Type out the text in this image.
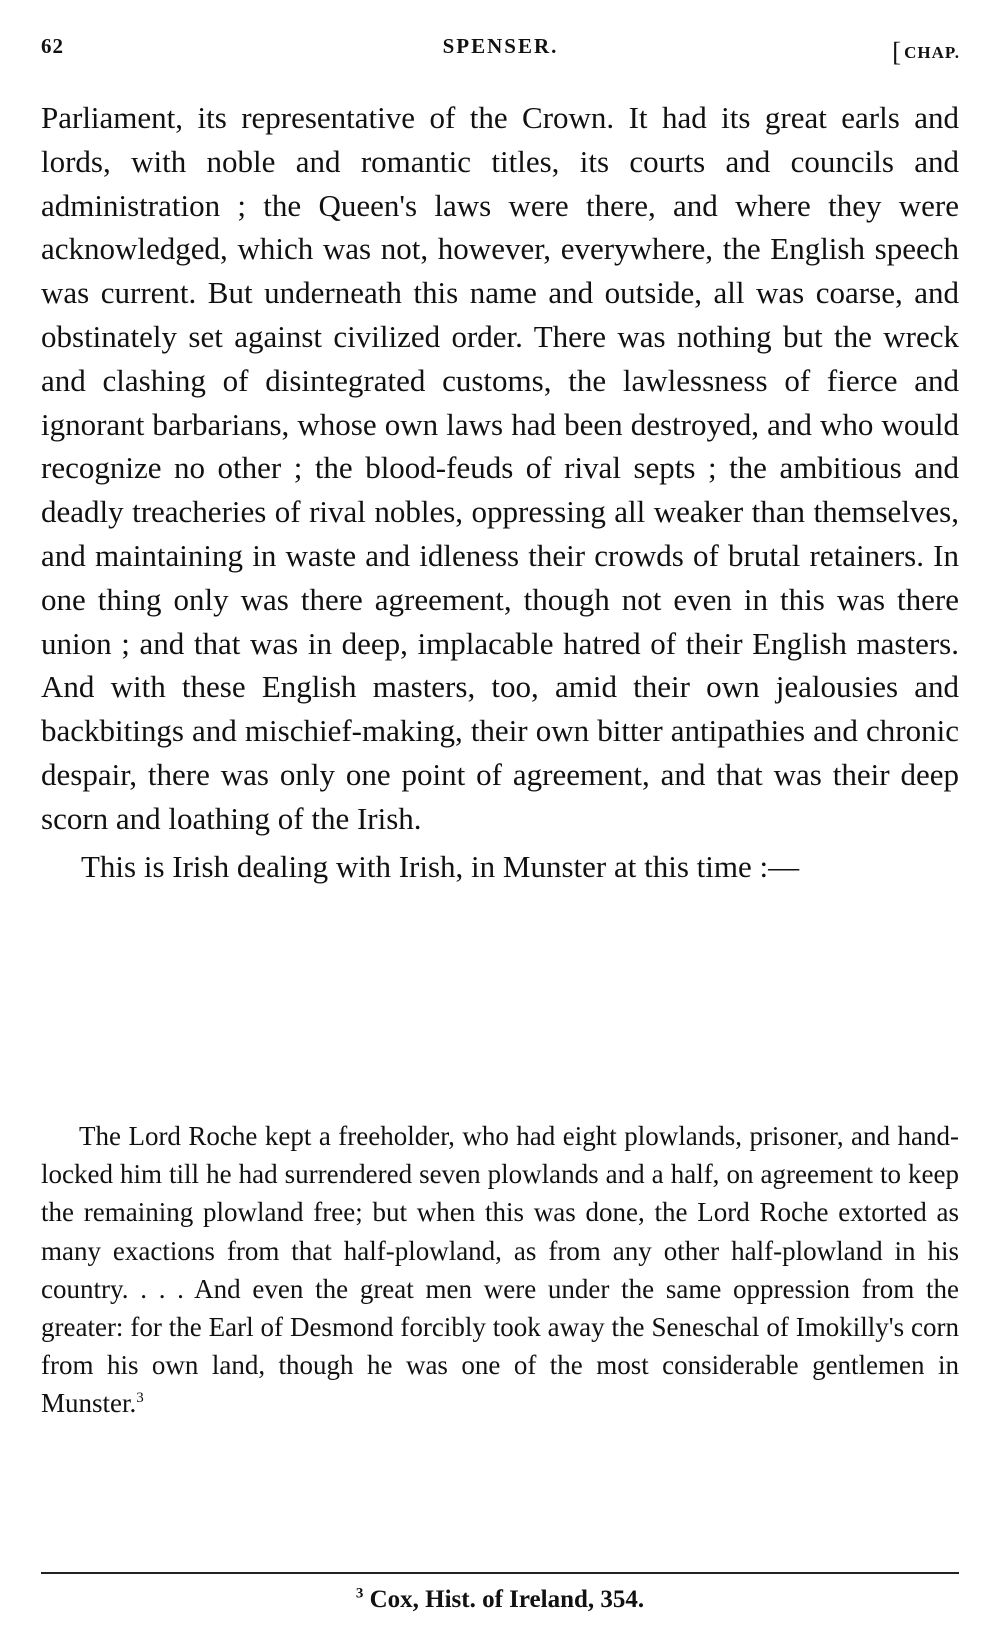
62	SPENSER.	[ CHAP.

Parliament, its representative of the Crown. It had its great earls and lords, with noble and romantic titles, its courts and councils and administration ; the Queen's laws were there, and where they were acknowledged, which was not, however, everywhere, the English speech was current. But underneath this name and outside, all was coarse, and obstinately set against civilized order. There was nothing but the wreck and clashing of disintegrated customs, the lawlessness of fierce and ignorant barbarians, whose own laws had been destroyed, and who would recognize no other ; the blood-feuds of rival septs ; the ambitious and deadly treacheries of rival nobles, oppressing all weaker than themselves, and maintaining in waste and idleness their crowds of brutal retainers. In one thing only was there agreement, though not even in this was there union ; and that was in deep, implacable hatred of their English masters. And with these English masters, too, amid their own jealousies and backbitings and mischief-making, their own bitter antipathies and chronic despair, there was only one point of agreement, and that was their deep scorn and loathing of the Irish.

This is Irish dealing with Irish, in Munster at this time :—

The Lord Roche kept a freeholder, who had eight plowlands, prisoner, and hand-locked him till he had surrendered seven plowlands and a half, on agreement to keep the remaining plowland free; but when this was done, the Lord Roche extorted as many exactions from that half-plowland, as from any other half-plowland in his country. . . . And even the great men were under the same oppression from the greater: for the Earl of Desmond forcibly took away the Seneschal of Imokilly's corn from his own land, though he was one of the most considerable gentlemen in Munster.$^3$

$^3$ Cox, Hist. of Ireland, 354.
